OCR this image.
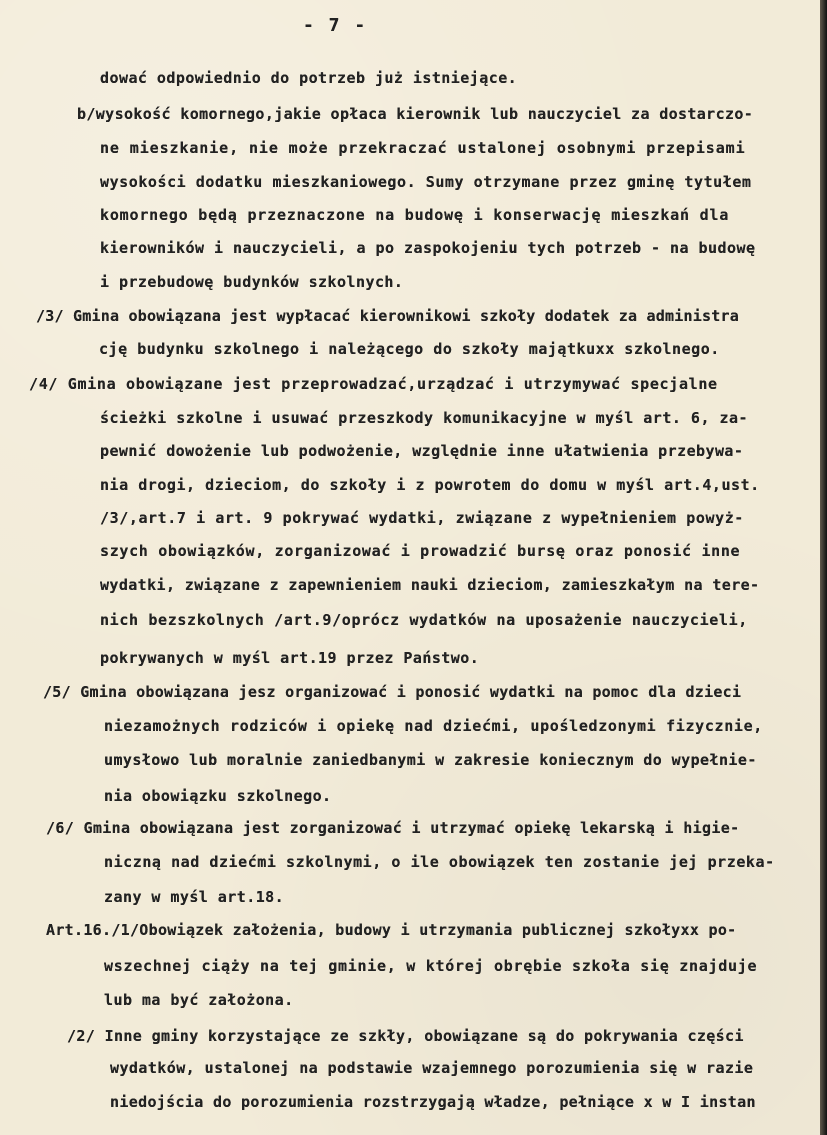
- 7 -
dować odpowiednio do potrzeb już istniejące.
b/wysokość komornego,jakie opłaca kierownik lub nauczyciel za dostarczo-
ne mieszkanie, nie może przekraczać ustalonej osobnymi przepisami
wysokości dodatku mieszkaniowego. Sumy otrzymane przez gminę tytułem
komornego będą przeznaczone na budowę i konserwację mieszkań dla
kierowników i nauczycieli, a po zaspokojeniu tych potrzeb - na budowę
i przebudowę budynków szkolnych.
/3/ Gmina obowiązana jest wypłacać kierownikowi szkoły dodatek za administra
cję budynku szkolnego i należącego do szkoły majątkuxx szkolnego.
/4/ Gmina obowiązane jest przeprowadzać,urządzać i utrzymywać specjalne
ścieżki szkolne i usuwać przeszkody komunikacyjne w myśl art. 6, za-
pewnić dowożenie lub podwożenie, względnie inne ułatwienia przebywa-
nia drogi, dzieciom, do szkoły i z powrotem do domu w myśl art.4,ust.
/3/,art.7 i art. 9 pokrywać wydatki, związane z wypełnieniem powyż-
szych obowiązków, zorganizować i prowadzić bursę oraz ponosić inne
wydatki, związane z zapewnieniem nauki dzieciom, zamieszkałym na tere-
nich bezszkolnych /art.9/oprócz wydatków na uposażenie nauczycieli,
pokrywanych w myśl art.19 przez Państwo.
/5/ Gmina obowiązana jesz organizować i ponosić wydatki na pomoc dla dzieci
niezamożnych rodziców i opiekę nad dziećmi, upośledzonymi fizycznie,
umysłowo lub moralnie zaniedbanymi w zakresie koniecznym do wypełnie-
nia obowiązku szkolnego.
/6/ Gmina obowiązana jest zorganizować i utrzymać opiekę lekarską i higie-
niczną nad dziećmi szkolnymi, o ile obowiązek ten zostanie jej przeka-
zany w myśl art.18.
Art.16./1/Obowiązek założenia, budowy i utrzymania publicznej szkołyxx po-
wszechnej ciąży na tej gminie, w której obrębie szkoła się znajduje
lub ma być założona.
/2/ Inne gminy korzystające ze szkły, obowiązane są do pokrywania części
wydatków, ustalonej na podstawie wzajemnego porozumienia się w razie
niedojścia do porozumienia rozstrzygają władze, pełniące x w I instan
